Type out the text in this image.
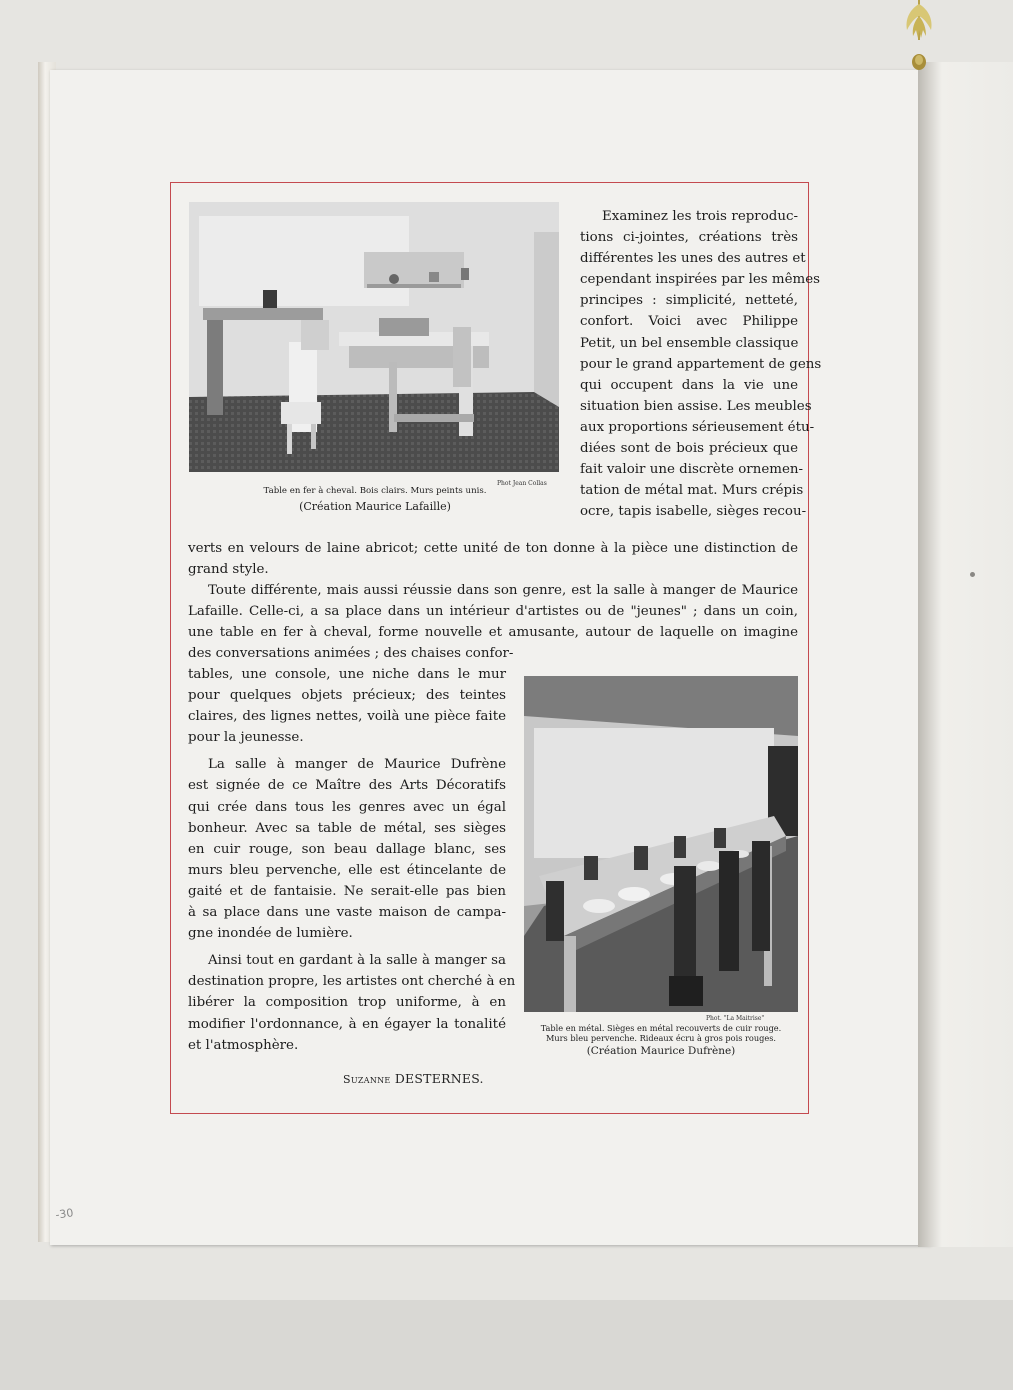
Phot Jean Collas
Table en fer à cheval. Bois clairs. Murs peints unis.
(Création Maurice Lafaille)
Examinez les trois reproduc-
tions ci-jointes, créations très
différentes les unes des autres et
cependant inspirées par les mêmes
principes : simplicité, netteté,
confort. Voici avec Philippe
Petit, un bel ensemble classique
pour le grand appartement de gens
qui occupent dans la vie une
situation bien assise. Les meubles
aux proportions sérieusement étu-
diées sont de bois précieux que
fait valoir une discrète ornemen-
tation de métal mat. Murs crépis
ocre, tapis isabelle, sièges recou-
verts en velours de laine abricot; cette unité de ton donne à la pièce une distinction de
grand style.
Toute différente, mais aussi réussie dans son genre, est la salle à manger de Maurice
Lafaille. Celle-ci, a sa place dans un intérieur d'artistes ou de "jeunes" ; dans un coin,
une table en fer à cheval, forme nouvelle et amusante, autour de laquelle on imagine
des conversations animées ; des chaises confor-
tables, une console, une niche dans le mur
pour quelques objets précieux; des teintes
claires, des lignes nettes, voilà une pièce faite
pour la jeunesse.
La salle à manger de Maurice Dufrène
est signée de ce Maître des Arts Décoratifs
qui crée dans tous les genres avec un égal
bonheur. Avec sa table de métal, ses sièges
en cuir rouge, son beau dallage blanc, ses
murs bleu pervenche, elle est étincelante de
gaité et de fantaisie. Ne serait-elle pas bien
à sa place dans une vaste maison de campa-
gne inondée de lumière.
Ainsi tout en gardant à la salle à manger sa
destination propre, les artistes ont cherché à en
libérer la composition trop uniforme, à en
modifier l'ordonnance, à en égayer la tonalité
et l'atmosphère.
Suzanne DESTERNES.
Phot. "La Maitrise"
Table en métal. Sièges en métal recouverts de cuir rouge.
Murs bleu pervenche. Rideaux écru à gros pois rouges.
(Création Maurice Dufrène)
-30
